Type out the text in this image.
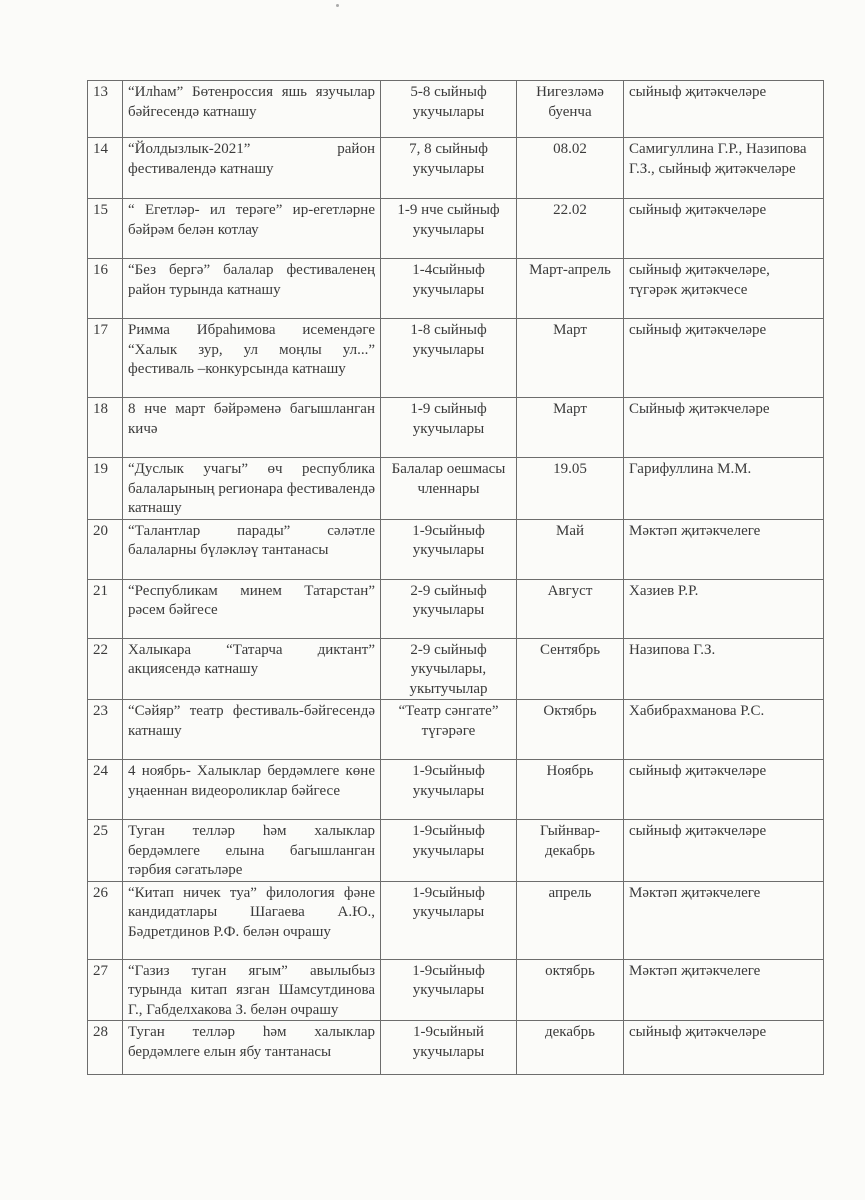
13	“Илһам” Бөтенроссия яшь язучылар бәйгесендә катнашу	5-8 сыйныф укучылары	Нигезләмә буенча	сыйныф җитәкчеләре
14	“Йолдызлык-2021” район фестивалендә катнашу	7, 8 сыйныф укучылары	08.02	Самигуллина Г.Р., Назипова Г.З., сыйныф җитәкчеләре
15	“ Егетләр- ил терәге” ир-егетләрне бәйрәм белән котлау	1-9 нче сыйныф укучылары	22.02	сыйныф җитәкчеләре
16	“Без бергә” балалар фестиваленең район турында катнашу	1-4сыйныф укучылары	Март-апрель	сыйныф җитәкчеләре, түгәрәк җитәкчесе
17	Римма Ибраһимова исемендәге “Халык зур, ул моңлы ул...” фестиваль –конкурсында катнашу	1-8 сыйныф укучылары	Март	сыйныф җитәкчеләре
18	8 нче март бәйрәменә багышланган кичә	1-9 сыйныф укучылары	Март	Сыйныф җитәкчеләре
19	“Дуслык учагы” өч республика балаларының регионара фестивалендә катнашу	Балалар оешмасы членнары	19.05	Гарифуллина М.М.
20	“Талантлар парады” сәләтле балаларны бүләкләү тантанасы	1-9сыйныф укучылары	Май	Мәктәп җитәкчелеге
21	“Республикам минем Татарстан” рәсем бәйгесе	2-9 сыйныф укучылары	Август	Хазиев Р.Р.
22	Халыкара “Татарча диктант” акциясендә катнашу	2-9 сыйныф укучылары, укытучылар	Сентябрь	Назипова Г.З.
23	“Сәйяр” театр фестиваль-бәйгесендә катнашу	“Театр сәнгате” түгәрәге	Октябрь	Хабибрахманова Р.С.
24	4 ноябрь- Халыклар бердәмлеге көне уңаеннан видеороликлар бәйгесе	1-9сыйныф укучылары	Ноябрь	сыйныф җитәкчеләре
25	Туган телләр һәм халыклар бердәмлеге елына багышланган тәрбия сәгатьләре	1-9сыйныф укучылары	Гыйнвар-декабрь	сыйныф җитәкчеләре
26	“Китап ничек туа” филология фәне кандидатлары Шагаева А.Ю., Бәдретдинов Р.Ф. белән очрашу	1-9сыйныф укучылары	апрель	Мәктәп җитәкчелеге
27	“Газиз туган ягым” авылыбыз турында китап язган Шамсутдинова Г., Габделхакова З. белән очрашу	1-9сыйныф укучылары	октябрь	Мәктәп җитәкчелеге
28	Туган телләр һәм халыклар бердәмлеге елын ябу тантанасы	1-9сыйный укучылары	декабрь	сыйныф җитәкчеләре
